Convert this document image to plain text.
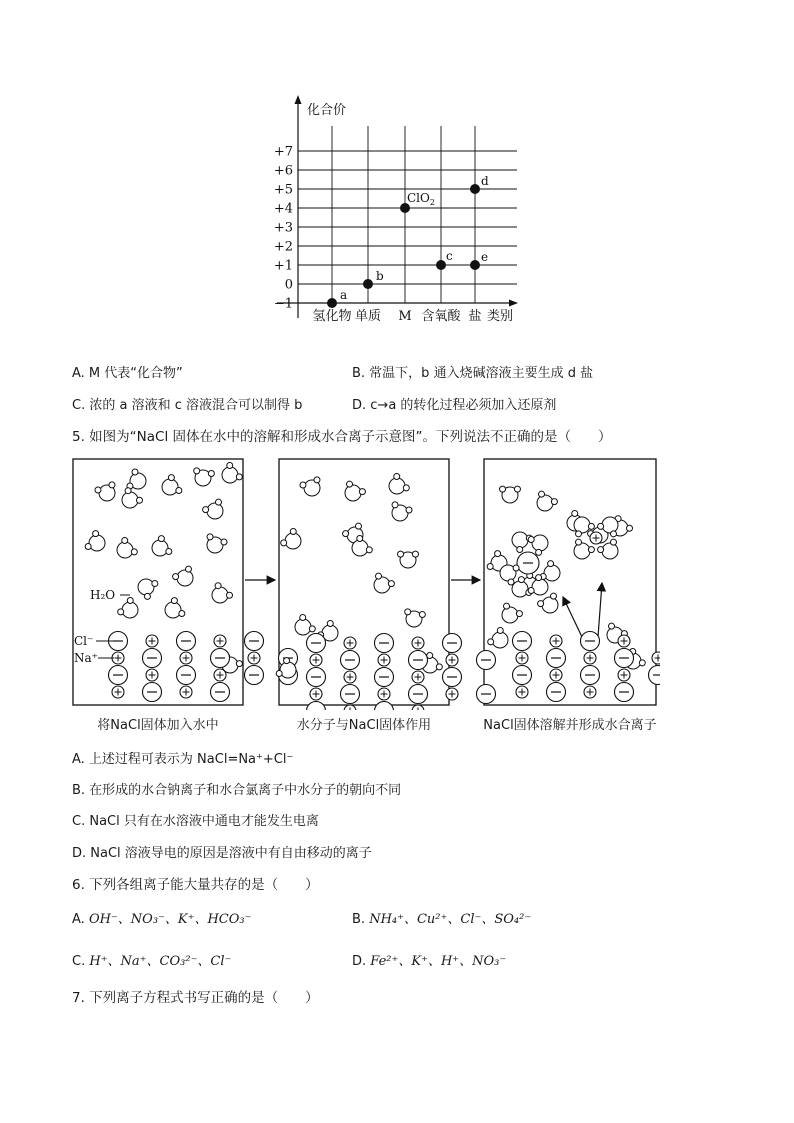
+7
+6
+5
+4
+3
+2
+1
0
−1
氢化物 单质 M 含氧酸 盐
a
b
ClO$_2$
c
d
e
化合价
类别
A. M 代表“化合物”	B. 常温下，b 通入烧碱溶液主要生成 d 盐
C. 浓的 a 溶液和 c 溶液混合可以制得 b	D. c→a 的转化过程必须加入还原剂
5. 如图为“NaCl 固体在水中的溶解和形成水合离子示意图”。下列说法不正确的是（　　）
H₂O
Cl⁻
Na⁺
将NaCl固体加入水中	水分子与NaCl固体作用	NaCl固体溶解并形成水合离子
A. 上述过程可表示为 NaCl=Na⁺+Cl⁻
B. 在形成的水合钠离子和水合氯离子中水分子的朝向不同
C. NaCl 只有在水溶液中通电才能发生电离
D. NaCl 溶液导电的原因是溶液中有自由移动的离子
6. 下列各组离子能大量共存的是（　　）
A. OH⁻、NO₃⁻、K⁺、HCO₃⁻	B. NH₄⁺、Cu²⁺、Cl⁻、SO₄²⁻
C. H⁺、Na⁺、CO₃²⁻、Cl⁻	D. Fe²⁺、K⁺、H⁺、NO₃⁻
7. 下列离子方程式书写正确的是（　　）
